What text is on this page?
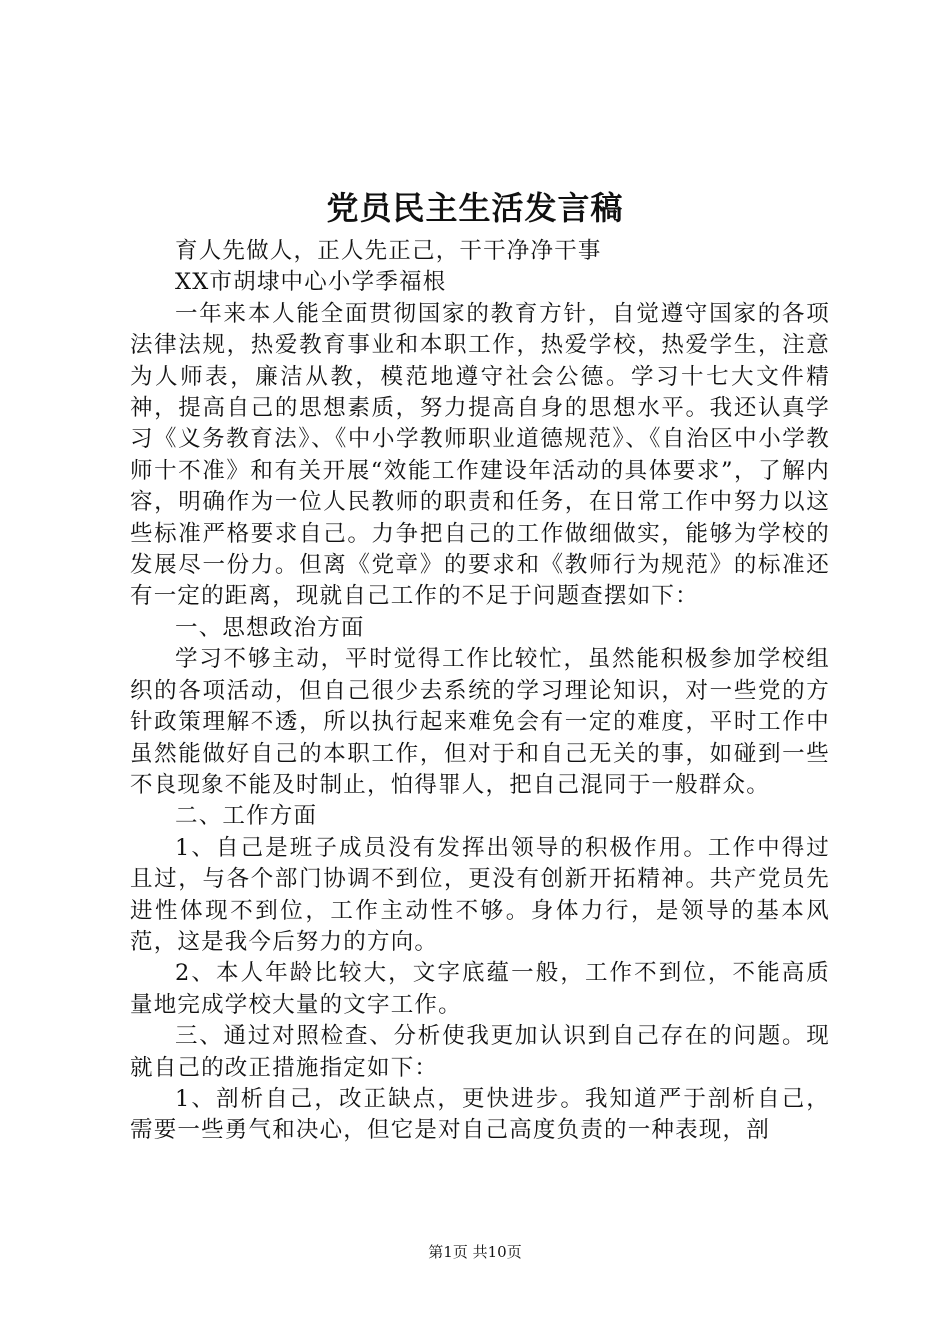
党员民主生活发言稿

育人先做人，正人先正己，干干净净干事

XX市胡埭中心小学季福根

一年来本人能全面贯彻国家的教育方针，自觉遵守国家的各项法律法规，热爱教育事业和本职工作，热爱学校，热爱学生，注意为人师表，廉洁从教，模范地遵守社会公德。学习十七大文件精神，提高自己的思想素质，努力提高自身的思想水平。我还认真学习《义务教育法》、《中小学教师职业道德规范》、《自治区中小学教师十不准》和有关开展“效能工作建设年活动的具体要求”，了解内容，明确作为一位人民教师的职责和任务，在日常工作中努力以这些标准严格要求自己。力争把自己的工作做细做实，能够为学校的发展尽一份力。但离《党章》的要求和《教师行为规范》的标准还有一定的距离，现就自己工作的不足于问题查摆如下：

一、思想政治方面

学习不够主动，平时觉得工作比较忙，虽然能积极参加学校组织的各项活动，但自己很少去系统的学习理论知识，对一些党的方针政策理解不透，所以执行起来难免会有一定的难度，平时工作中虽然能做好自己的本职工作，但对于和自己无关的事，如碰到一些不良现象不能及时制止，怕得罪人，把自己混同于一般群众。

二、工作方面

1、自己是班子成员没有发挥出领导的积极作用。工作中得过且过，与各个部门协调不到位，更没有创新开拓精神。共产党员先进性体现不到位，工作主动性不够。身体力行，是领导的基本风范，这是我今后努力的方向。

2、本人年龄比较大，文字底蕴一般，工作不到位，不能高质量地完成学校大量的文字工作。

三、通过对照检查、分析使我更加认识到自己存在的问题。现就自己的改正措施指定如下：

1、剖析自己，改正缺点，更快进步。我知道严于剖析自己，需要一些勇气和决心，但它是对自己高度负责的一种表现，剖

第1页 共10页
